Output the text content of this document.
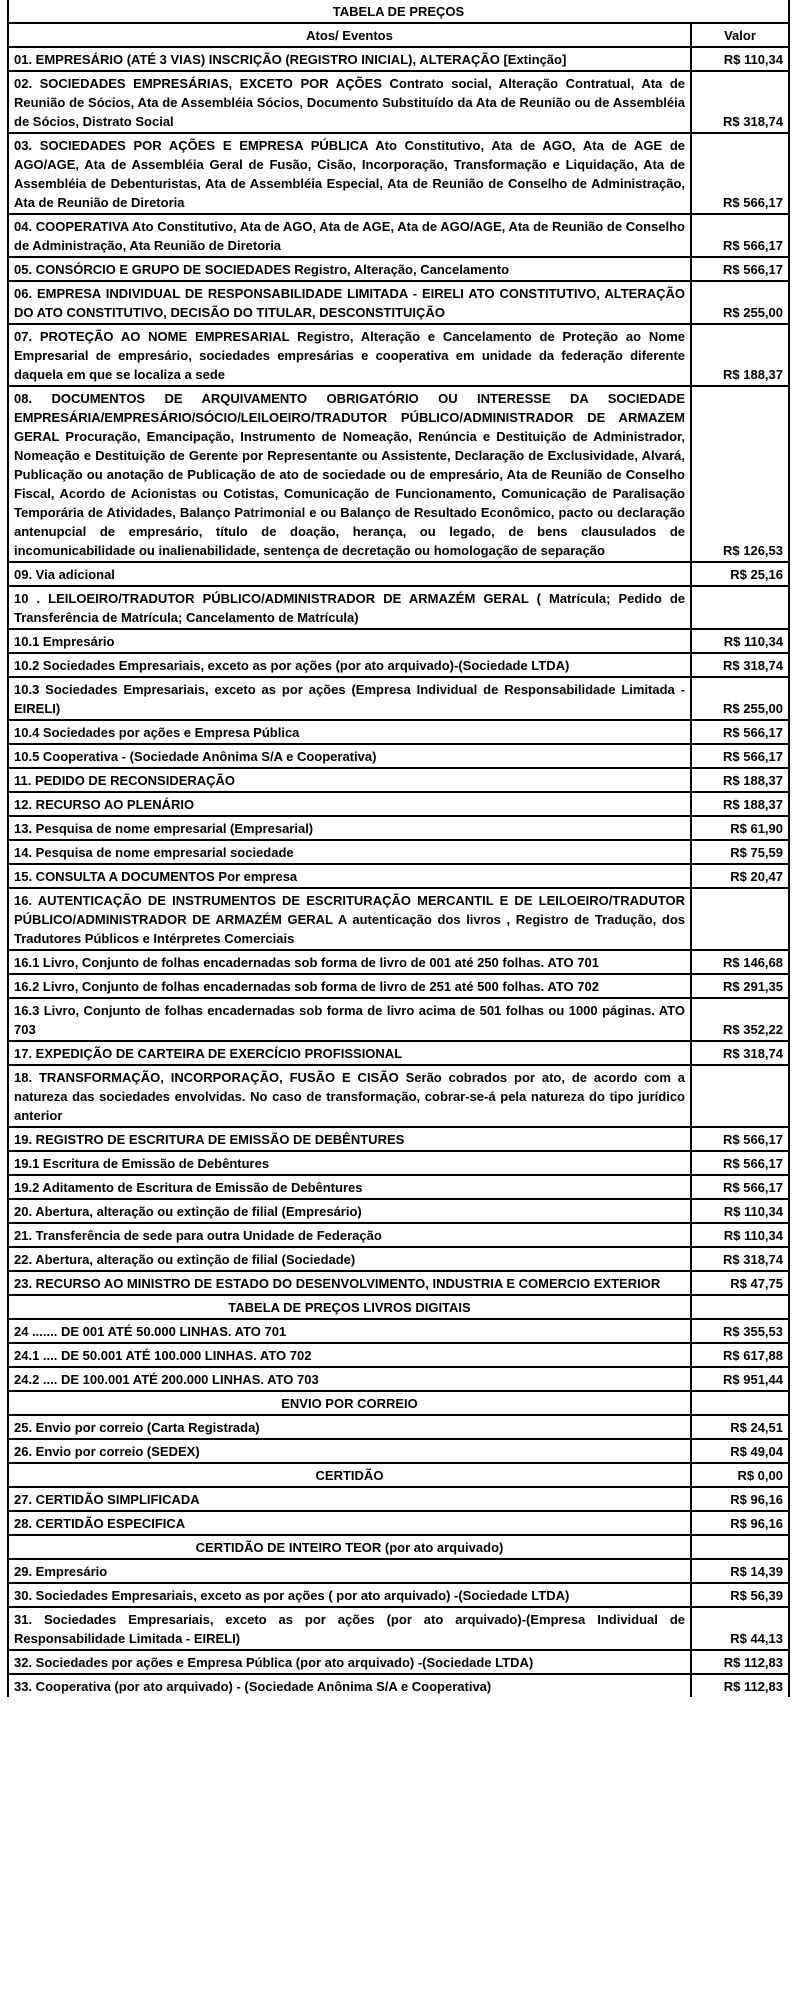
TABELA DE PREÇOS	
Atos/ Eventos	Valor
01. EMPRESÁRIO (ATÉ 3 VIAS) INSCRIÇÃO (REGISTRO INICIAL), ALTERAÇÃO [Extinção]	R$ 110,34
02. SOCIEDADES EMPRESÁRIAS, EXCETO POR AÇÕES Contrato social, Alteração Contratual, Ata de Reunião de Sócios, Ata de Assembléia Sócios, Documento Substituído da Ata de Reunião ou de Assembléia de Sócios, Distrato Social	R$ 318,74
03. SOCIEDADES POR AÇÕES E EMPRESA PÚBLICA Ato Constitutivo, Ata de AGO, Ata de AGE de AGO/AGE, Ata de Assembléia Geral de Fusão, Cisão, Incorporação, Transformação e Liquidação, Ata de Assembléia de Debenturistas, Ata de Assembléia Especial, Ata de Reunião de Conselho de Administração, Ata de Reunião de Diretoria	R$ 566,17
04. COOPERATIVA Ato Constitutivo, Ata de AGO, Ata de AGE, Ata de AGO/AGE, Ata de Reunião de Conselho de Administração, Ata Reunião de Diretoria	R$ 566,17
05. CONSÓRCIO E GRUPO DE SOCIEDADES Registro, Alteração, Cancelamento	R$ 566,17
06. EMPRESA INDIVIDUAL DE RESPONSABILIDADE LIMITADA - EIRELI ATO CONSTITUTIVO, ALTERAÇÃO DO ATO CONSTITUTIVO, DECISÃO DO TITULAR, DESCONSTITUIÇÃO	R$ 255,00
07. PROTEÇÃO AO NOME EMPRESARIAL Registro, Alteração e Cancelamento de Proteção ao Nome Empresarial de empresário, sociedades empresárias e cooperativa em unidade da federação diferente daquela em que se localiza a sede	R$ 188,37
08. DOCUMENTOS DE ARQUIVAMENTO OBRIGATÓRIO OU INTERESSE DA SOCIEDADE EMPRESÁRIA/EMPRESÁRIO/SÓCIO/LEILOEIRO/TRADUTOR PÚBLICO/ADMINISTRADOR DE ARMAZEM GERAL Procuração, Emancipação, Instrumento de Nomeação, Renúncia e Destituição de Administrador, Nomeação e Destituição de Gerente por Representante ou Assistente, Declaração de Exclusividade, Alvará, Publicação ou anotação de Publicação de ato de sociedade ou de empresário, Ata de Reunião de Conselho Fiscal, Acordo de Acionistas ou Cotistas, Comunicação de Funcionamento, Comunicação de Paralisação Temporária de Atividades, Balanço Patrimonial e ou Balanço de Resultado Econômico, pacto ou declaração antenupcial de empresário, título de doação, herança, ou legado, de bens clausulados de incomunicabilidade ou inalienabilidade, sentença de decretação ou homologação de separação	R$ 126,53
09. Via adicional	R$ 25,16
10 . LEILOEIRO/TRADUTOR PÚBLICO/ADMINISTRADOR DE ARMAZÉM GERAL ( Matrícula; Pedido de Transferência de Matrícula; Cancelamento de Matrícula)	
10.1 Empresário	R$ 110,34
10.2 Sociedades Empresariais, exceto as por ações (por ato arquivado)-(Sociedade LTDA)	R$ 318,74
10.3 Sociedades Empresariais, exceto as por ações (Empresa Individual de Responsabilidade Limitada - EIRELI)	R$ 255,00
10.4 Sociedades por ações e Empresa Pública	R$ 566,17
10.5 Cooperativa - (Sociedade Anônima S/A e Cooperativa)	R$ 566,17
11. PEDIDO DE RECONSIDERAÇÃO	R$ 188,37
12. RECURSO AO PLENÁRIO	R$ 188,37
13. Pesquisa de nome empresarial (Empresarial)	R$ 61,90
14. Pesquisa de nome empresarial sociedade	R$ 75,59
15. CONSULTA A DOCUMENTOS Por empresa	R$ 20,47
16. AUTENTICAÇÃO DE INSTRUMENTOS DE ESCRITURAÇÃO MERCANTIL E DE LEILOEIRO/TRADUTOR PÚBLICO/ADMINISTRADOR DE ARMAZÉM GERAL A autenticação dos livros , Registro de Tradução, dos Tradutores Públicos e Intérpretes Comerciais	
16.1 Livro, Conjunto de folhas encadernadas sob forma de livro de 001 até 250 folhas. ATO 701	R$ 146,68
16.2 Livro, Conjunto de folhas encadernadas sob forma de livro de 251 até 500 folhas. ATO 702	R$ 291,35
16.3 Livro, Conjunto de folhas encadernadas sob forma de livro acima de 501 folhas ou 1000 páginas. ATO 703	R$ 352,22
17. EXPEDIÇÃO DE CARTEIRA DE EXERCÍCIO PROFISSIONAL	R$ 318,74
18. TRANSFORMAÇÃO, INCORPORAÇÃO, FUSÃO E CISÃO Serão cobrados por ato, de acordo com a natureza das sociedades envolvidas. No caso de transformação, cobrar-se-á pela natureza do tipo jurídico anterior	
19. REGISTRO DE ESCRITURA DE EMISSÃO DE DEBÊNTURES	R$ 566,17
19.1 Escritura de Emissão de Debêntures	R$ 566,17
19.2 Aditamento de Escritura de Emissão de Debêntures	R$ 566,17
20. Abertura, alteração ou extinção de filial (Empresário)	R$ 110,34
21. Transferência de sede para outra Unidade de Federação	R$ 110,34
22. Abertura, alteração ou extinção de filial (Sociedade)	R$ 318,74
23. RECURSO AO MINISTRO DE ESTADO DO DESENVOLVIMENTO, INDUSTRIA E COMERCIO EXTERIOR	R$ 47,75
TABELA DE PREÇOS LIVROS DIGITAIS	
24 ....... DE 001 ATÉ 50.000 LINHAS. ATO 701	R$ 355,53
24.1 .... DE 50.001 ATÉ 100.000 LINHAS. ATO 702	R$ 617,88
24.2 .... DE 100.001 ATÉ 200.000 LINHAS. ATO 703	R$ 951,44
ENVIO POR CORREIO	
25. Envio por correio (Carta Registrada)	R$ 24,51
26. Envio por correio (SEDEX)	R$ 49,04
CERTIDÃO	R$ 0,00
27. CERTIDÃO SIMPLIFICADA	R$ 96,16
28. CERTIDÃO ESPECIFICA	R$ 96,16
CERTIDÃO DE INTEIRO TEOR (por ato arquivado)	
29. Empresário	R$ 14,39
30. Sociedades Empresariais, exceto as por ações ( por ato arquivado) -(Sociedade LTDA)	R$ 56,39
31. Sociedades Empresariais, exceto as por ações (por ato arquivado)-(Empresa Individual de Responsabilidade Limitada - EIRELI)	R$ 44,13
32. Sociedades por ações e Empresa Pública (por ato arquivado) -(Sociedade LTDA)	R$ 112,83
33. Cooperativa (por ato arquivado) - (Sociedade Anônima S/A e Cooperativa)	R$ 112,83
